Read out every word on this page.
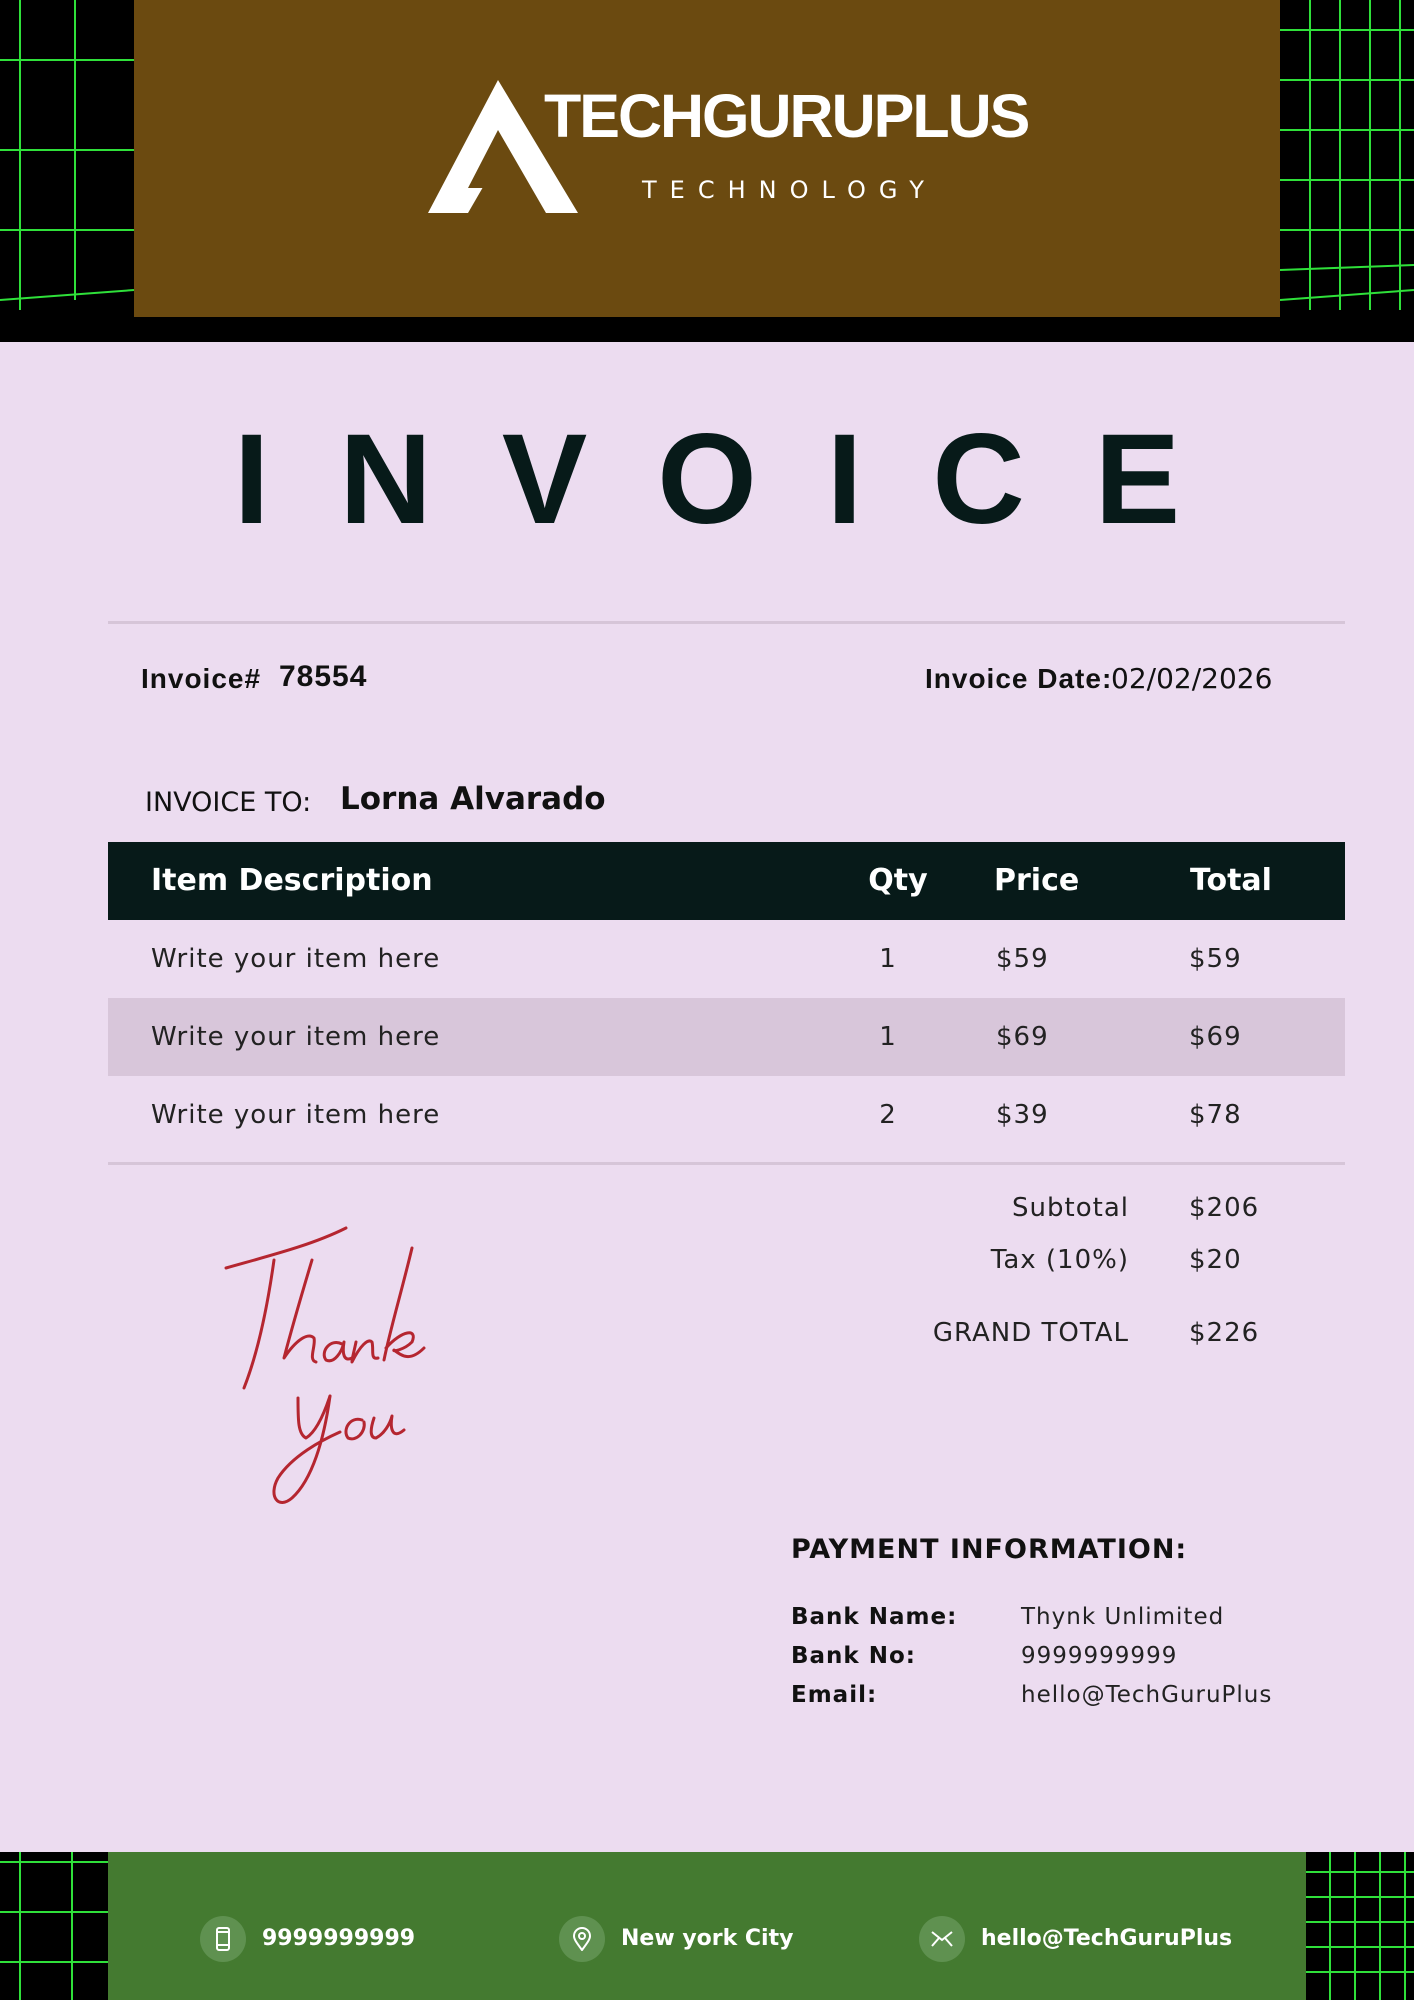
TECHGURUPLUS
TECHNOLOGY
INVOICE
Invoice# 78554	Invoice Date:
02/02/2026
INVOICE TO: Lorna Alvarado
Item Description	Qty	Price	Total
Write your item here	1	$59	$59
Write your item here	1	$69	$69
Write your item here	2	$39	$78
Subtotal $206
Tax (10%) $20
GRAND TOTAL $226
PAYMENT INFORMATION:
Bank Name:	Thynk Unlimited
Bank No:	9999999999
Email:	hello@TechGuruPlus
9999999999	New york City	hello@TechGuruPlus
